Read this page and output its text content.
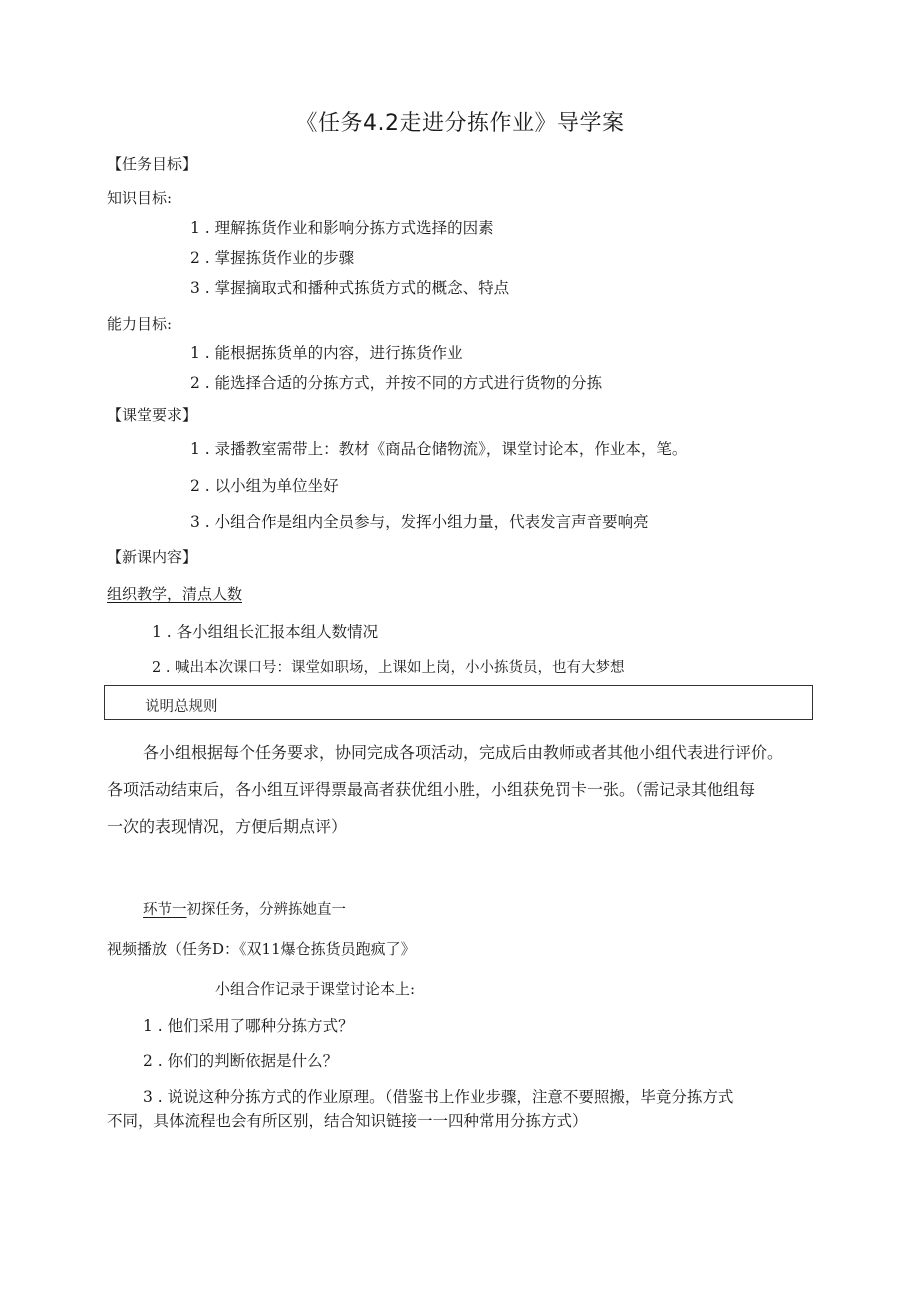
《任务4.2走进分拣作业》导学案

【任务目标】

知识目标:

1 . 理解拣货作业和影响分拣方式选择的因素

2 . 掌握拣货作业的步骤

3 . 掌握摘取式和播种式拣货方式的概念、特点

能力目标:

1 . 能根据拣货单的内容，进行拣货作业

2 . 能选择合适的分拣方式，并按不同的方式进行货物的分拣

【课堂要求】

1 . 录播教室需带上：教材《商品仓储物流》，课堂讨论本，作业本，笔。

2 . 以小组为单位坐好

3 . 小组合作是组内全员参与，发挥小组力量，代表发言声音要响亮

【新课内容】

组织教学，清点人数

1 . 各小组组长汇报本组人数情况

2 . 喊出本次课口号：课堂如职场，上课如上岗，小小拣货员，也有大梦想

说明总规则

各小组根据每个任务要求，协同完成各项活动，完成后由教师或者其他小组代表进行评价。

各项活动结束后，各小组互评得票最高者获优组小胜，小组获免罚卡一张。（需记录其他组每

一次的表现情况，方便后期点评）

环节一初探任务，分辨拣她直一

视频播放（任务D：《双11爆仓拣货员跑疯了》

小组合作记录于课堂讨论本上:

1 . 他们采用了哪种分拣方式？

2 . 你们的判断依据是什么？

3 . 说说这种分拣方式的作业原理。（借鉴书上作业步骤，注意不要照搬，毕竟分拣方式

不同，具体流程也会有所区别，结合知识链接一一四种常用分拣方式）
